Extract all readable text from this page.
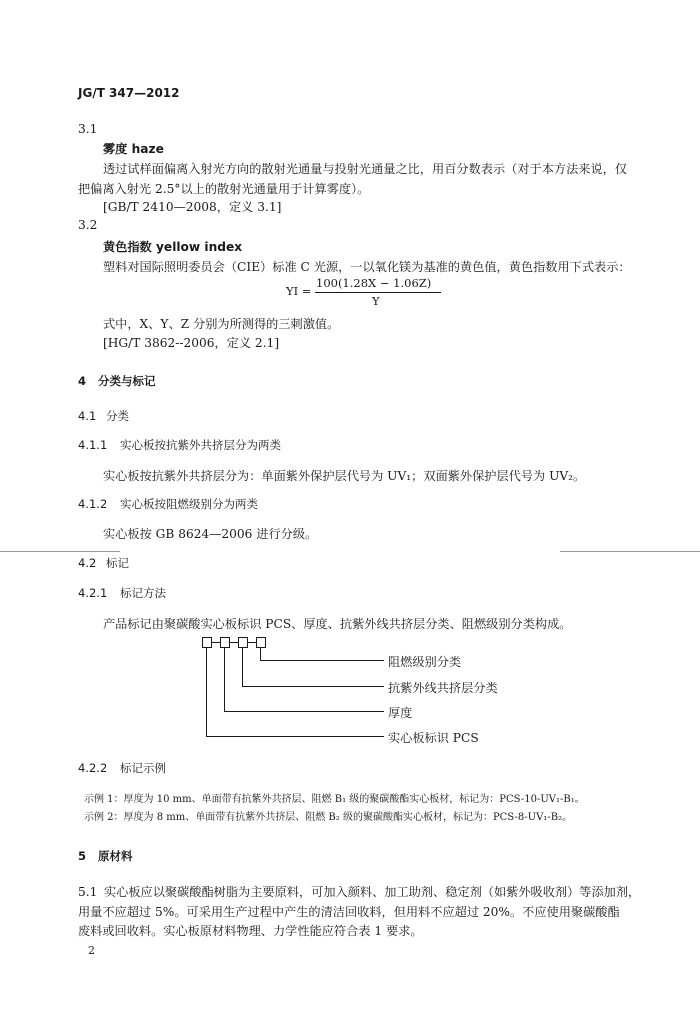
JG/T 347—2012
3.1
雾度 haze
透过试样面偏离入射光方向的散射光通量与投射光通量之比，用百分数表示（对于本方法来说，仅
把偏离入射光 2.5°以上的散射光通量用于计算雾度）。
[GB/T 2410—2008，定义 3.1]
3.2
黄色指数 yellow index
塑料对国际照明委员会（CIE）标准 C 光源，一以氧化镁为基准的黄色值，黄色指数用下式表示：
YI =
100(1.28X − 1.06Z)
Y
式中，X、Y、Z 分别为所测得的三刺激值。
[HG/T 3862--2006，定义 2.1]
4 分类与标记
4.1 分类
4.1.1 实心板按抗紫外共挤层分为两类
实心板按抗紫外共挤层分为：单面紫外保护层代号为 UV₁；双面紫外保护层代号为 UV₂。
4.1.2 实心板按阻燃级别分为两类
实心板按 GB 8624—2006 进行分级。
4.2 标记
4.2.1 标记方法
产品标记由聚碳酸实心板标识 PCS、厚度、抗紫外线共挤层分类、阻燃级别分类构成。
阻燃级别分类
抗紫外线共挤层分类
厚度
实心板标识 PCS
4.2.2 标记示例
示例 1：厚度为 10 mm、单面带有抗紫外共挤层、阻燃 B₁ 级的聚碳酸酯实心板材，标记为：PCS-10-UV₁-B₁。
示例 2：厚度为 8 mm、单面带有抗紫外共挤层、阻燃 B₂ 级的聚碳酸酯实心板材，标记为：PCS-8-UV₁-B₂。
5 原材料
5.1 实心板应以聚碳酸酯树脂为主要原料，可加入颜料、加工助剂、稳定剂（如紫外吸收剂）等添加剂，
用量不应超过 5%。可采用生产过程中产生的清洁回收料，但用料不应超过 20%。不应使用聚碳酸酯
废料或回收料。实心板原材料物理、力学性能应符合表 1 要求。
2
